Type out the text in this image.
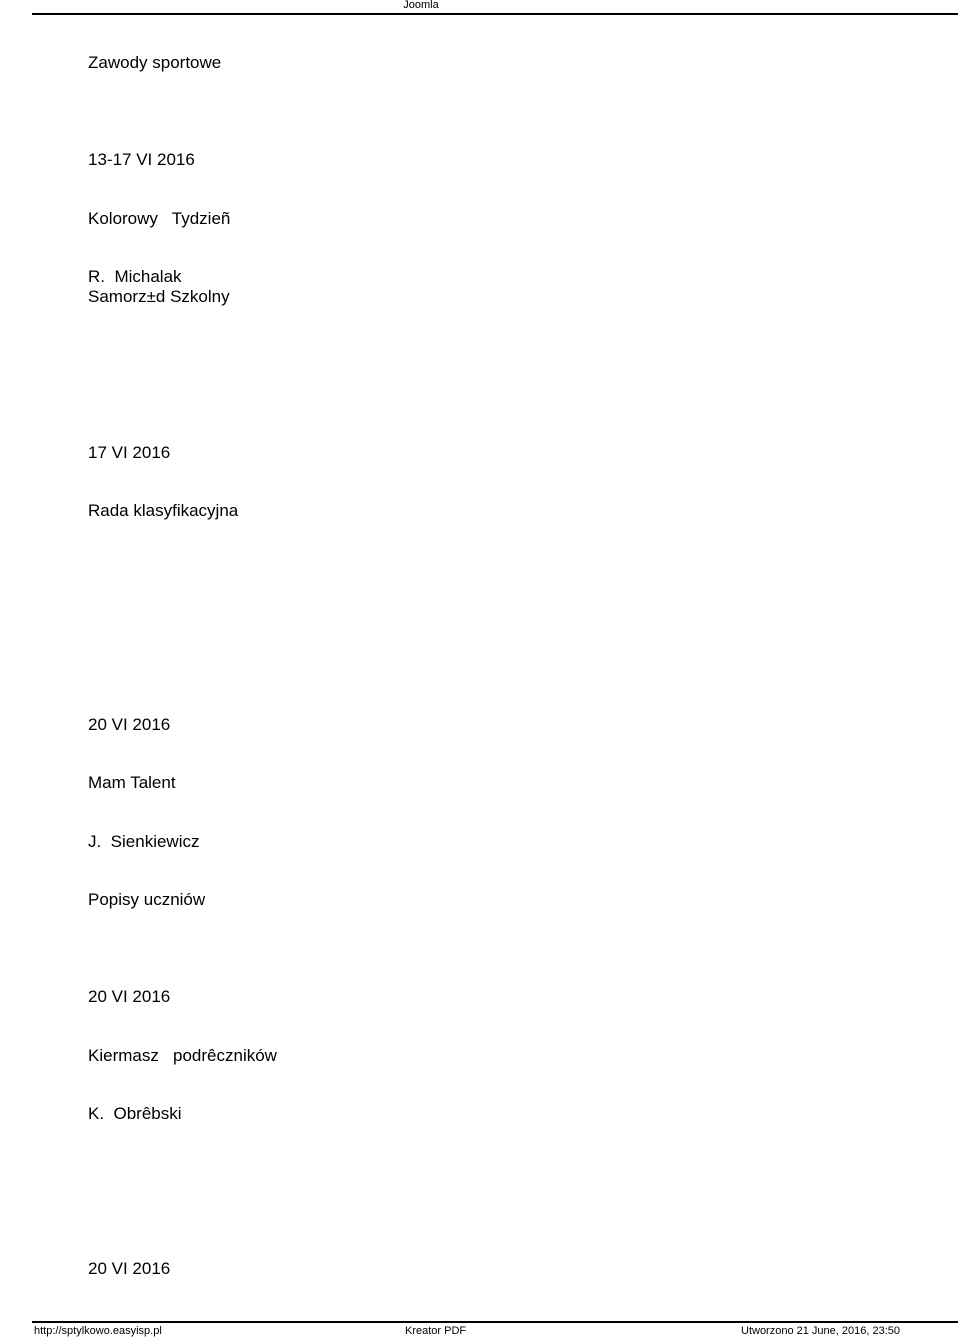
Joomla
Zawody sportowe
13-17 VI 2016
Kolorowy   Tydzieñ
R.  Michalak
Samorz±d Szkolny
17 VI 2016
Rada klasyfikacyjna
20 VI 2016
Mam Talent
J.  Sienkiewicz
Popisy uczniów
20 VI 2016
Kiermasz   podrêczników
K.  Obrêbski
20 VI 2016
http://sptylkowo.easyisp.pl	Kreator PDF	Utworzono 21 June, 2016, 23:50
